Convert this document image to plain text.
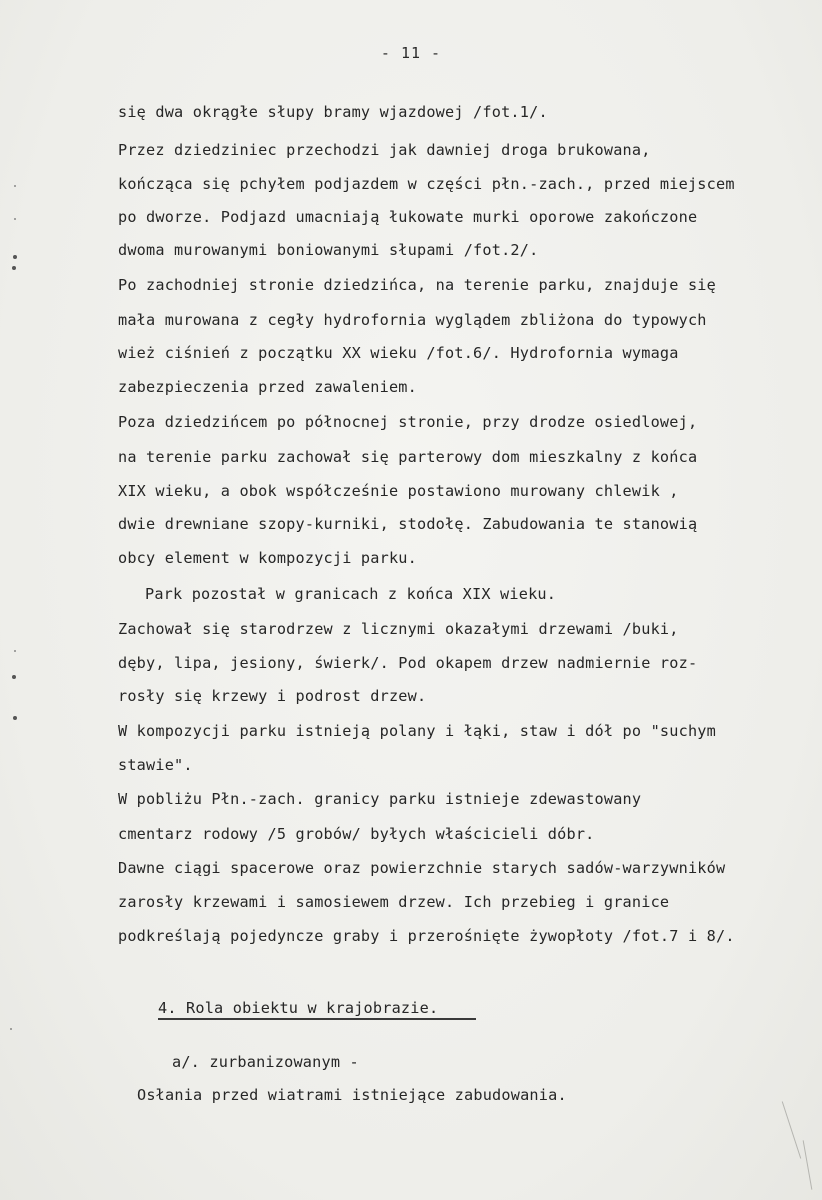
- 11 -
się dwa okrągłe słupy bramy wjazdowej /fot.1/.
Przez dziedziniec przechodzi jak dawniej droga brukowana,
kończąca się pchyłem podjazdem w części płn.-zach., przed miejscem
po dworze. Podjazd umacniają łukowate murki oporowe zakończone
dwoma murowanymi boniowanymi słupami /fot.2/.
Po zachodniej stronie dziedzińca, na terenie parku, znajduje się
mała murowana z cegły hydrofornia wyglądem zbliżona do typowych
wież ciśnień z początku XX wieku /fot.6/. Hydrofornia wymaga
zabezpieczenia przed zawaleniem.
Poza dziedzińcem po północnej stronie, przy drodze osiedlowej,
na terenie parku zachował się parterowy dom mieszkalny z końca
XIX wieku, a obok współcześnie postawiono murowany chlewik ,
dwie drewniane szopy-kurniki, stodołę. Zabudowania te stanowią
obcy element w kompozycji parku.
Park pozostał w granicach z końca XIX wieku.
Zachował się starodrzew z licznymi okazałymi drzewami /buki,
dęby, lipa, jesiony, świerk/. Pod okapem drzew nadmiernie roz-
rosły się krzewy i podrost drzew.
W kompozycji parku istnieją polany i łąki, staw i dół po "suchym
stawie".
W pobliżu Płn.-zach. granicy parku istnieje zdewastowany
cmentarz rodowy /5 grobów/ byłych właścicieli dóbr.
Dawne ciągi spacerowe oraz powierzchnie starych sadów-warzywników
zarosły krzewami i samosiewem drzew. Ich przebieg i granice
podkreślają pojedyncze graby i przerośnięte żywopłoty /fot.7 i 8/.
4. Rola obiektu w krajobrazie.
a/. zurbanizowanym -
Osłania przed wiatrami istniejące zabudowania.
